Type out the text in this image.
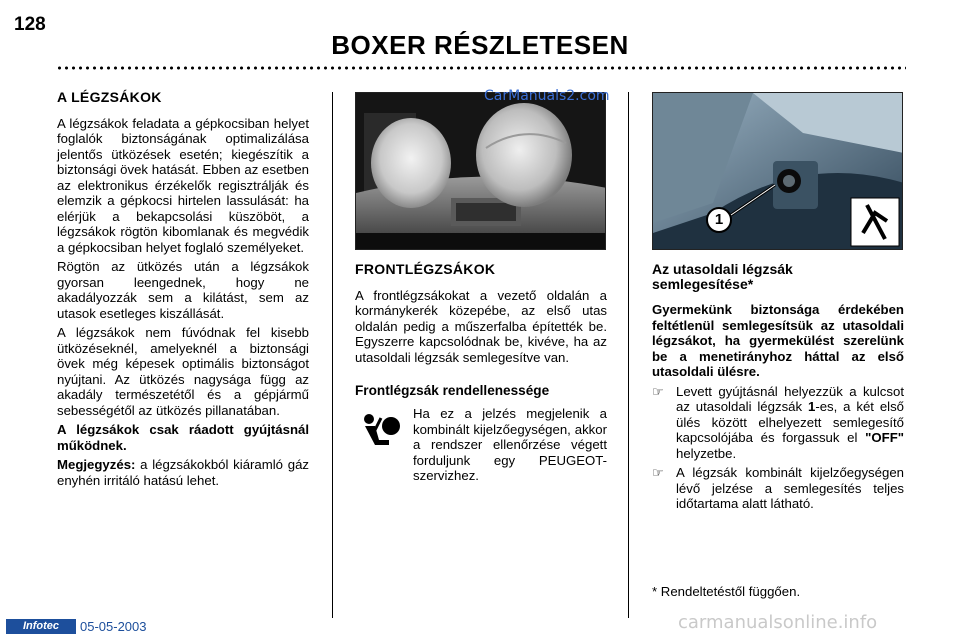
128
BOXER RÉSZLETESEN
A LÉGZSÁKOK

A légzsákok feladata a gépkocsiban helyet foglalók biztonságának optimalizálása jelentős ütközések esetén; kiegészítik a biztonsági övek hatását. Ebben az esetben az elektronikus érzékelők regisztrálják és elemzik a gépkocsi hirtelen lassulását: ha elérjük a bekapcsolási küszöböt, a légzsákok rögtön kibomlanak és megvédik a gépkocsiban helyet foglaló személyeket.

Rögtön az ütközés után a légzsákok gyorsan leengednek, hogy ne akadályozzák sem a kilátást, sem az utasok esetleges kiszállását.

A légzsákok nem fúvódnak fel kisebb ütközéseknél, amelyeknél a biztonsági övek még képesek optimális biztonságot nyújtani. Az ütközés nagysága függ az akadály természetétől és a gépjármű sebességétől az ütközés pillanatában.

A légzsákok csak ráadott gyújtásnál működnek.

Megjegyzés: a légzsákokból kiáramló gáz enyhén irritáló hatású lehet.

FRONTLÉGZSÁKOK

A frontlégzsákokat a vezető oldalán a kormánykerék közepébe, az első utas oldalán pedig a műszerfalba építették be. Egyszerre kapcsolódnak be, kivéve, ha az utasoldali légzsák semlegesítve van.

Frontlégzsák rendellenessége

Ha ez a jelzés megjelenik a kombinált kijelzőegységen, akkor a rendszer ellenőrzése végett forduljunk egy PEUGEOT-szervizhez.

1
Az utasoldali légzsák
semlegesítése*

Gyermekünk biztonsága érdekében feltétlenül semlegesítsük az utasoldali légzsákot, ha gyermekülést szerelünk be a menetirányhoz háttal az első utasoldali ülésre.

☞ Levett gyújtásnál helyezzük a kulcsot az utasoldali légzsák 1-es, a két első ülés között elhelyezett semlegesítő kapcsolójába és forgassuk el "OFF" helyzetbe.
☞ A légzsák kombinált kijelzőegységen lévő jelzése a semlegesítés teljes időtartama alatt látható.
* Rendeltetéstől függően.
CarManuals2.com
carmanualsonline.info
Infotec	05-05-2003
